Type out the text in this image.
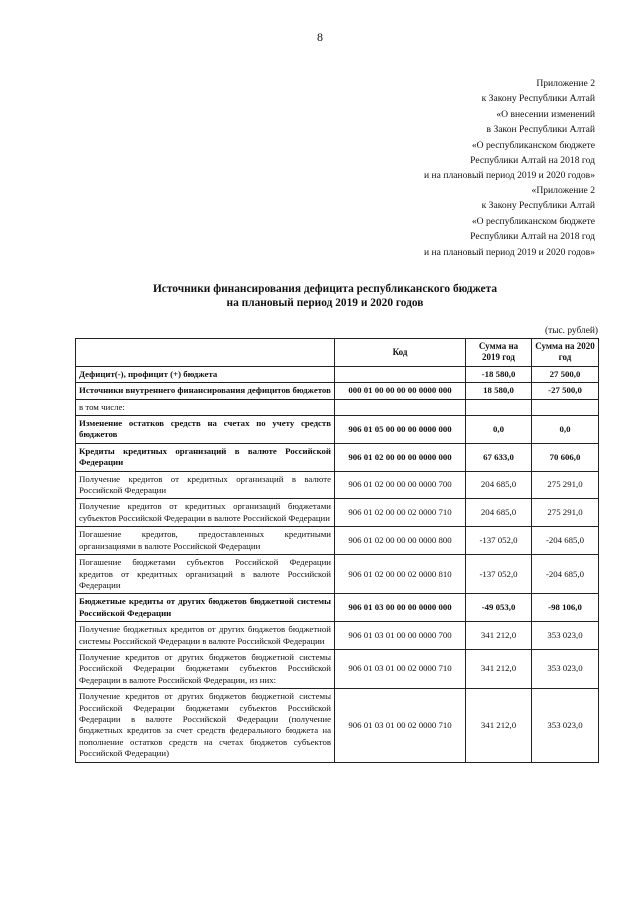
8
Приложение 2
к Закону Республики Алтай
«О внесении изменений
в Закон Республики Алтай
«О республиканском бюджете
Республики Алтай на 2018 год
и на плановый период 2019 и 2020 годов»
«Приложение 2
к Закону Республики Алтай
«О республиканском бюджете
Республики Алтай на 2018 год
и на плановый период 2019 и 2020 годов»
Источники финансирования дефицита республиканского бюджета
на плановый период 2019 и 2020 годов
(тыс. рублей)
	Код	Сумма на 2019 год	Сумма на 2020 год
Дефицит(-), профицит (+) бюджета		-18 580,0	27 500,0
Источники внутреннего финансирования дефицитов бюджетов	000 01 00 00 00 00 0000 000	18 580,0	-27 500,0
в том числе:			
Изменение остатков средств на счетах по учету средств бюджетов	906 01 05 00 00 00 0000 000	0,0	0,0
Кредиты кредитных организаций в валюте Российской Федерации	906 01 02 00 00 00 0000 000	67 633,0	70 606,0
Получение кредитов от кредитных организаций в валюте Российской Федерации	906 01 02 00 00 00 0000 700	204 685,0	275 291,0
Получение кредитов от кредитных организаций бюджетами субъектов Российской Федерации в валюте Российской Федерации	906 01 02 00 00 02 0000 710	204 685,0	275 291,0
Погашение кредитов, предоставленных кредитными организациями в валюте Российской Федерации	906 01 02 00 00 00 0000 800	-137 052,0	-204 685,0
Погашение бюджетами субъектов Российской Федерации кредитов от кредитных организаций в валюте Российской Федерации	906 01 02 00 00 02 0000 810	-137 052,0	-204 685,0
Бюджетные кредиты от других бюджетов бюджетной системы Российской Федерации	906 01 03 00 00 00 0000 000	-49 053,0	-98 106,0
Получение бюджетных кредитов от других бюджетов бюджетной системы Российской Федерации в валюте Российской Федерации	906 01 03 01 00 00 0000 700	341 212,0	353 023,0
Получение кредитов от других бюджетов бюджетной системы Российской Федерации бюджетами субъектов Российской Федерации в валюте Российской Федерации, из них:	906 01 03 01 00 02 0000 710	341 212,0	353 023,0
Получение кредитов от других бюджетов бюджетной системы Российской Федерации бюджетами субъектов Российской Федерации в валюте Российской Федерации (получение бюджетных кредитов за счет средств федерального бюджета на пополнение остатков средств на счетах бюджетов субъектов Российской Федерации)	906 01 03 01 00 02 0000 710	341 212,0	353 023,0
